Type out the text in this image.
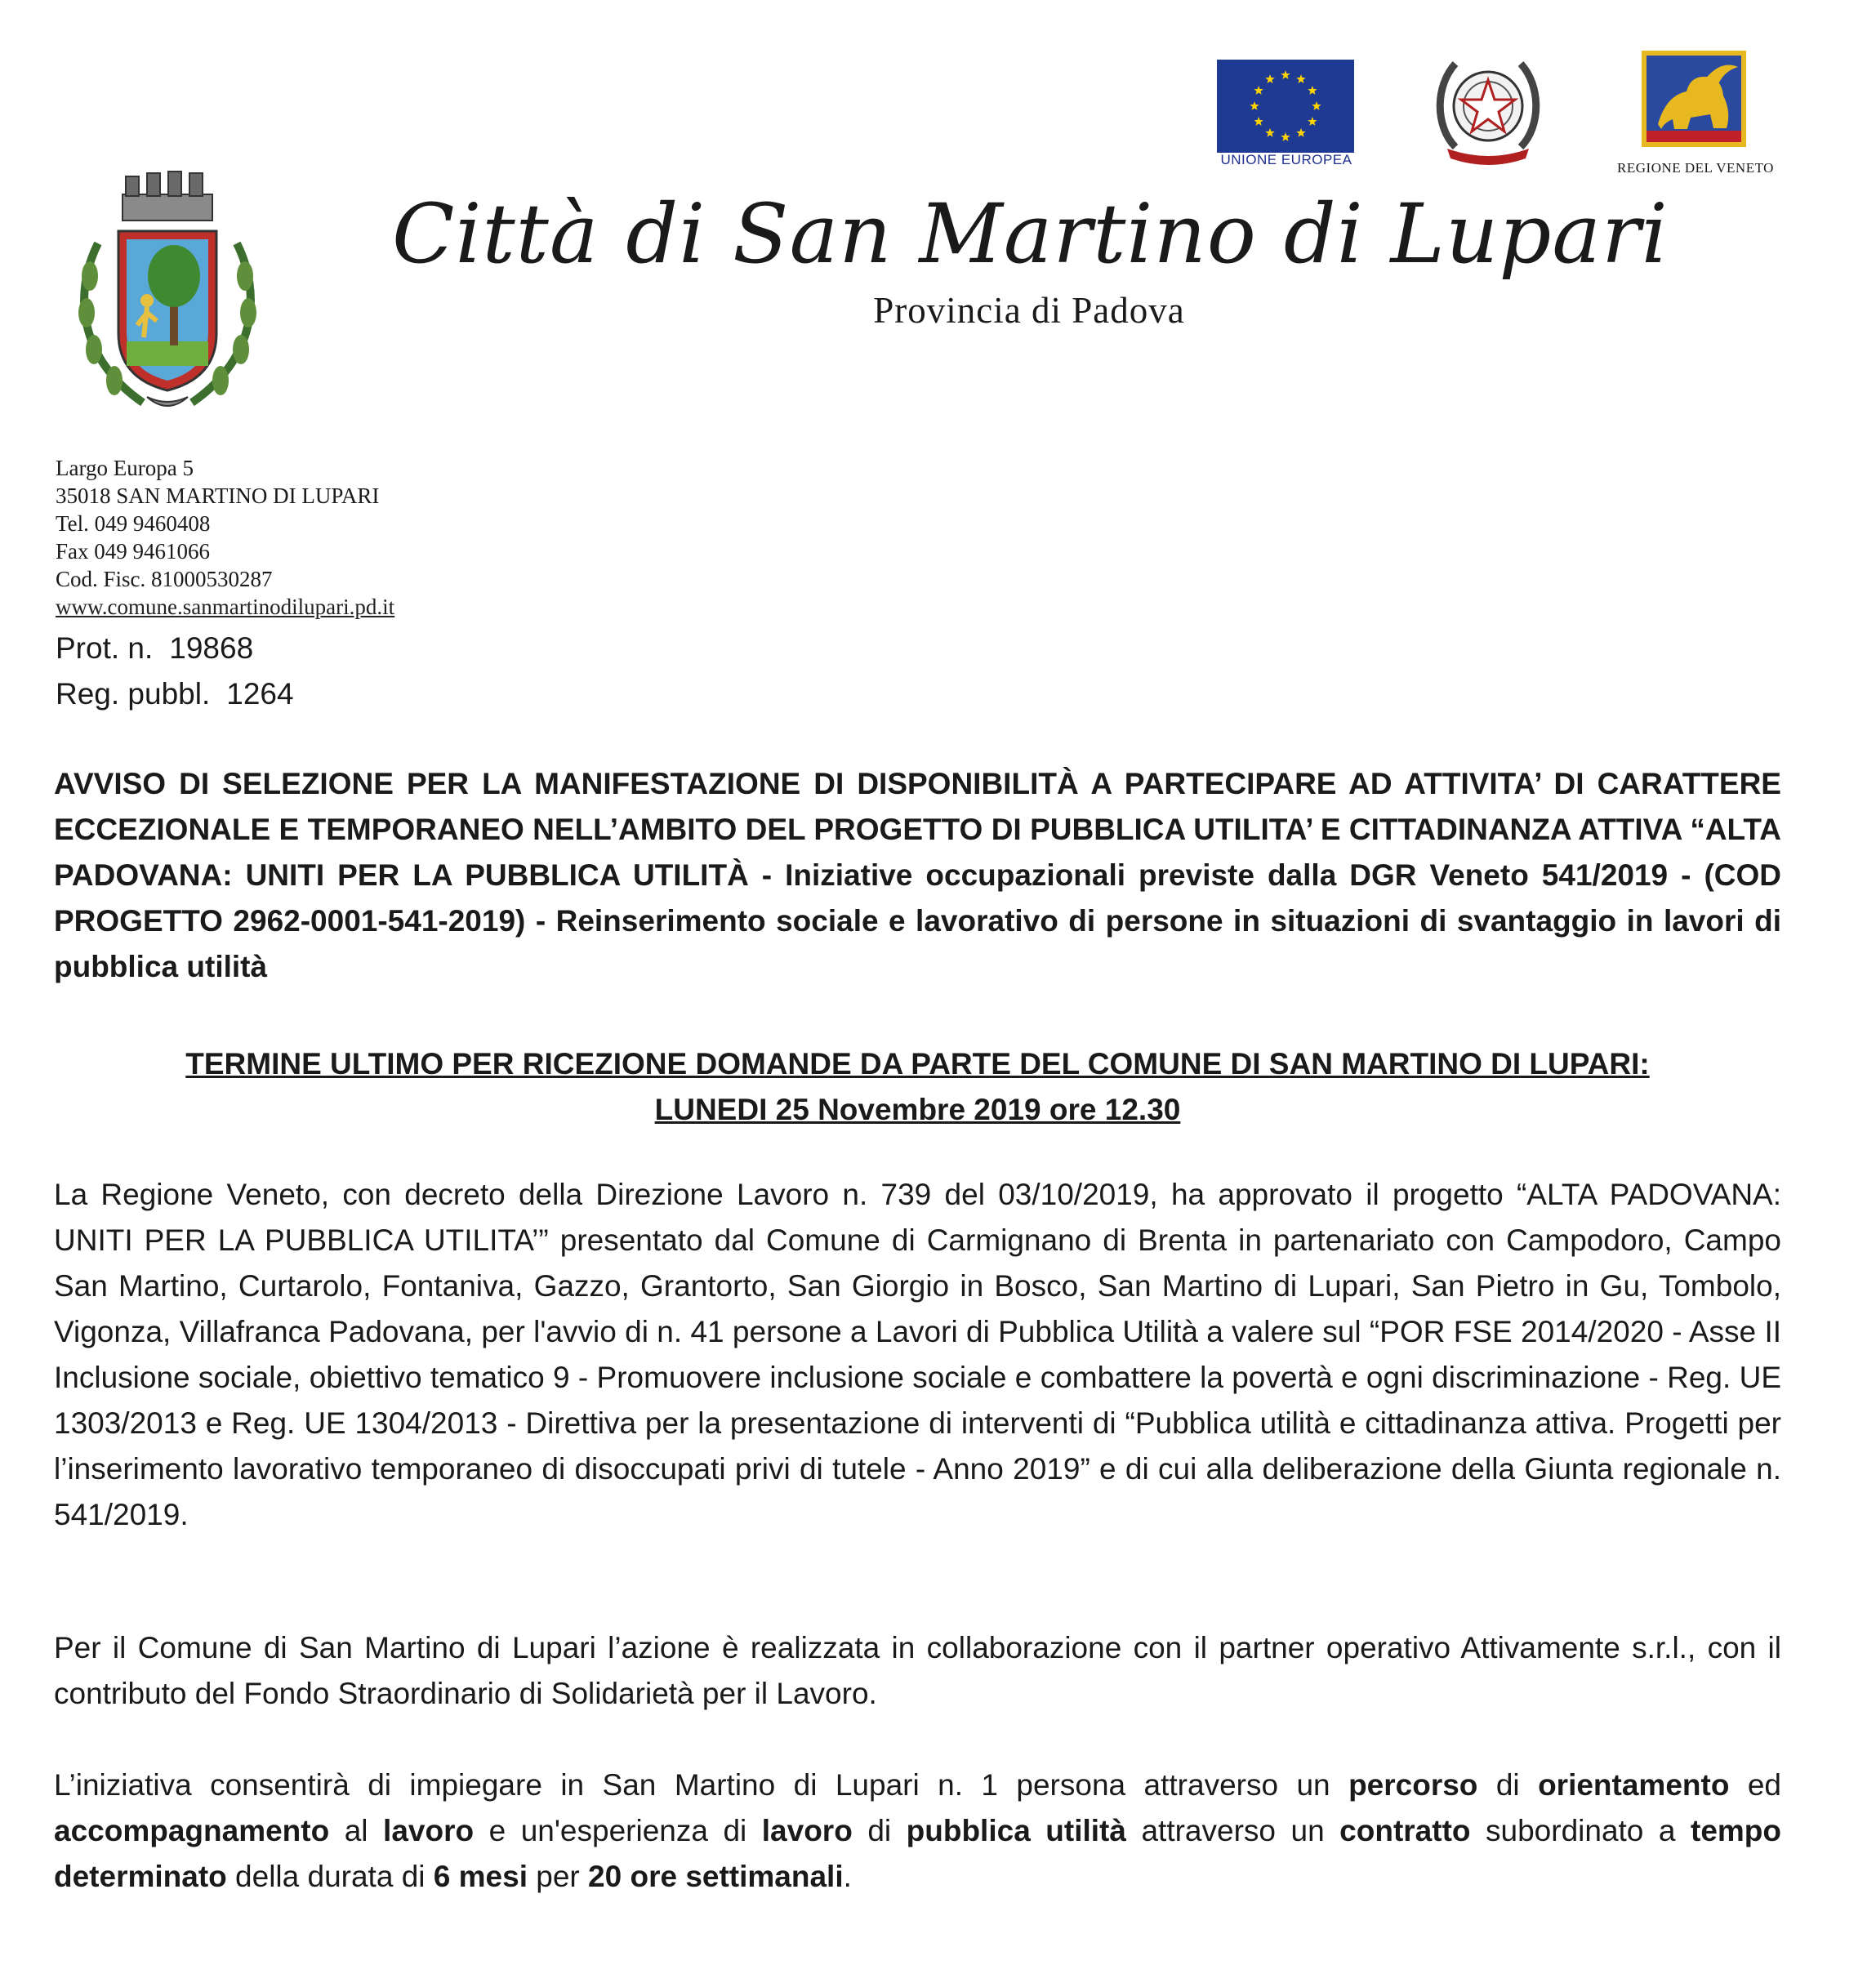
UNIONE EUROPEA
REGIONE DEL VENETO
Città di San Martino di Lupari
Provincia di Padova
Largo Europa 5
35018 SAN MARTINO DI LUPARI
Tel. 049 9460408
Fax 049 9461066
Cod. Fisc. 81000530287
www.comune.sanmartinodilupari.pd.it
Prot. n. 19868
Reg. pubbl. 1264
AVVISO DI SELEZIONE PER LA MANIFESTAZIONE DI DISPONIBILITÀ A PARTECIPARE AD ATTIVITA’ DI CARATTERE ECCEZIONALE E TEMPORANEO NELL’AMBITO DEL PROGETTO DI PUBBLICA UTILITA’ E CITTADINANZA ATTIVA “ALTA PADOVANA: UNITI PER LA PUBBLICA UTILITÀ - Iniziative occupazionali previste dalla DGR Veneto 541/2019 - (COD PROGETTO 2962-0001-541-2019) - Reinserimento sociale e lavorativo di persone in situazioni di svantaggio in lavori di pubblica utilità
TERMINE ULTIMO PER RICEZIONE DOMANDE DA PARTE DEL COMUNE DI SAN MARTINO DI LUPARI:
LUNEDI 25 Novembre 2019 ore 12.30
La Regione Veneto, con decreto della Direzione Lavoro n. 739 del 03/10/2019, ha approvato il progetto “ALTA PADOVANA: UNITI PER LA PUBBLICA UTILITA’” presentato dal Comune di Carmignano di Brenta in partenariato con Campodoro, Campo San Martino, Curtarolo, Fontaniva, Gazzo, Grantorto, San Giorgio in Bosco, San Martino di Lupari, San Pietro in Gu, Tombolo, Vigonza, Villafranca Padovana, per l'avvio di n. 41 persone a Lavori di Pubblica Utilità a valere sul “POR FSE 2014/2020 - Asse II Inclusione sociale, obiettivo tematico 9 - Promuovere inclusione sociale e combattere la povertà e ogni discriminazione - Reg. UE 1303/2013 e Reg. UE 1304/2013 - Direttiva per la presentazione di interventi di “Pubblica utilità e cittadinanza attiva. Progetti per l’inserimento lavorativo temporaneo di disoccupati privi di tutele - Anno 2019” e di cui alla deliberazione della Giunta regionale n. 541/2019.
Per il Comune di San Martino di Lupari l’azione è realizzata in collaborazione con il partner operativo Attivamente s.r.l., con il contributo del Fondo Straordinario di Solidarietà per il Lavoro.
L’iniziativa consentirà di impiegare in San Martino di Lupari n. 1 persona attraverso un percorso di orientamento ed accompagnamento al lavoro e un'esperienza di lavoro di pubblica utilità attraverso un contratto subordinato a tempo determinato della durata di 6 mesi per 20 ore settimanali.
